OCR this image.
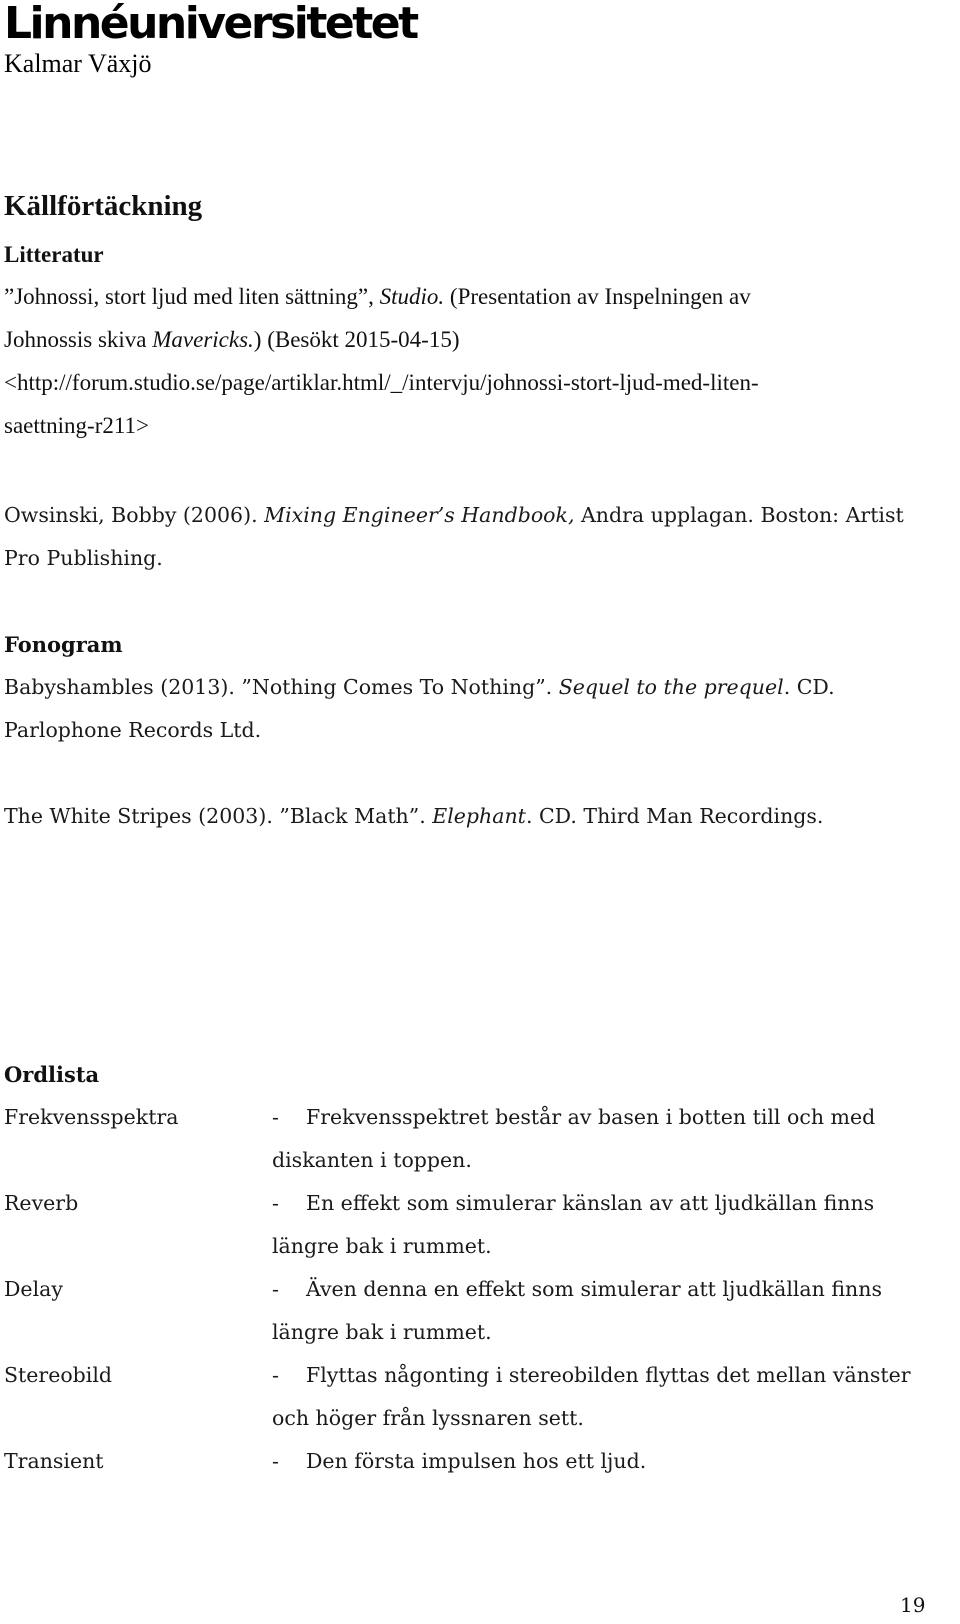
Linnéuniversitetet
Kalmar Växjö
Källförtäckning
Litteratur
”Johnossi, stort ljud med liten sättning”, Studio. (Presentation av Inspelningen av
Johnossis skiva Mavericks.) (Besökt 2015-04-15)
<http://forum.studio.se/page/artiklar.html/_/intervju/johnossi-stort-ljud-med-liten-
saettning-r211>
Owsinski, Bobby (2006). Mixing Engineer’s Handbook, Andra upplagan. Boston: Artist
Pro Publishing.
Fonogram
Babyshambles (2013). ”Nothing Comes To Nothing”. Sequel to the prequel. CD.
Parlophone Records Ltd.
The White Stripes (2003). ”Black Math”. Elephant. CD. Third Man Recordings.
Ordlista
Frekvensspektra	- Frekvensspektret består av basen i botten till och med
diskanten i toppen.
Reverb	- En effekt som simulerar känslan av att ljudkällan finns
längre bak i rummet.
Delay	- Även denna en effekt som simulerar att ljudkällan finns
längre bak i rummet.
Stereobild	- Flyttas någonting i stereobilden flyttas det mellan vänster
och höger från lyssnaren sett.
Transient	- Den första impulsen hos ett ljud.
19
